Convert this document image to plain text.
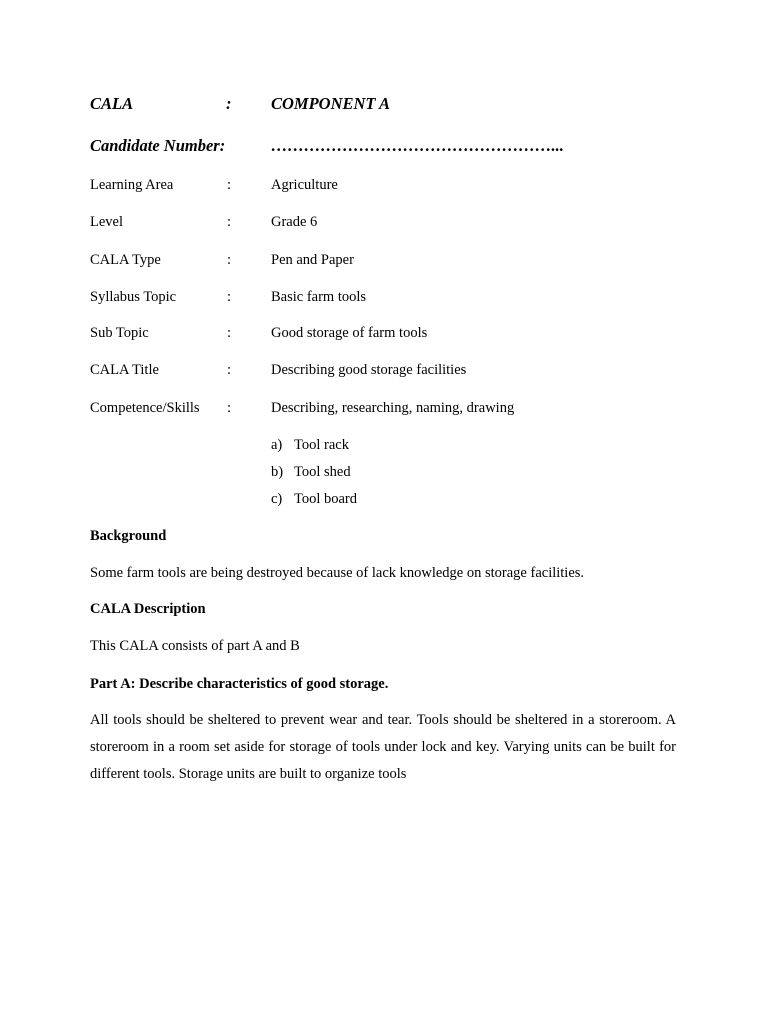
CALA	: COMPONENT A
Candidate Number:	……………………………………………...
Learning Area	:	Agriculture
Level	:	Grade 6
CALA Type	:	Pen and Paper
Syllabus Topic	:	Basic farm tools
Sub Topic	:	Good storage of farm tools
CALA Title	:	Describing good storage facilities
Competence/Skills :	Describing, researching, naming, drawing
a) Tool rack
b) Tool shed
c) Tool board
Background
Some farm tools are being destroyed because of lack knowledge on storage facilities.
CALA Description
This CALA consists of part A and B
Part A: Describe characteristics of good storage.
All tools should be sheltered to prevent wear and tear. Tools should be sheltered in a storeroom. A storeroom in a room set aside for storage of tools under lock and key. Varying units can be built for different tools. Storage units are built to organize tools
